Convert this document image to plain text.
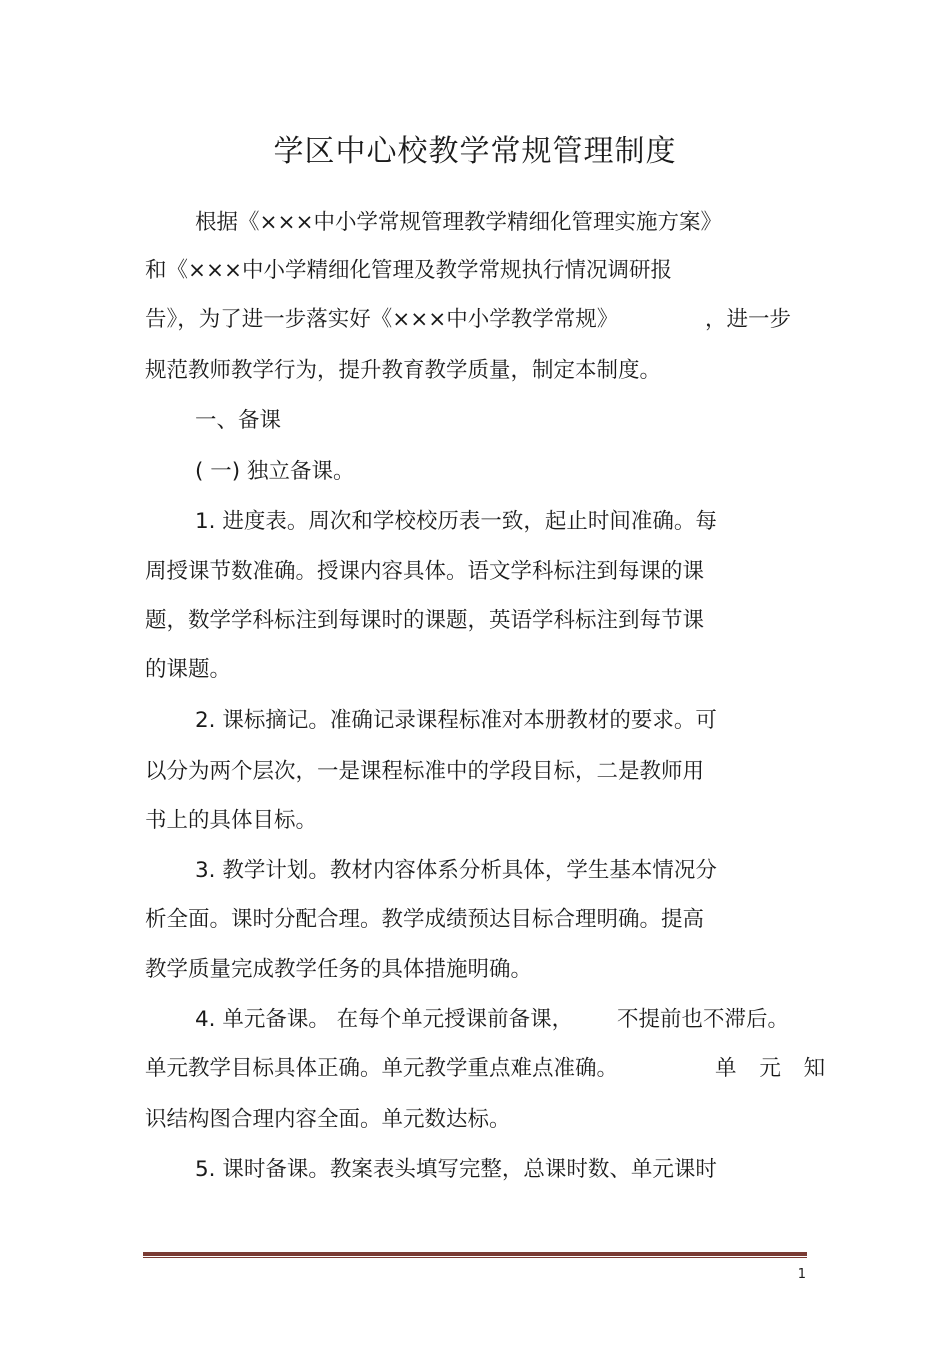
学区中心校教学常规管理制度
根据《×××中小学常规管理教学精细化管理实施方案》
和《×××中小学精细化管理及教学常规执行情况调研报
告》，为了进一步落实好《×××中小学教学常规》	，进一步
规范教师教学行为，提升教育教学质量，制定本制度。
一、备课
( 一) 独立备课。
1. 进度表。周次和学校校历表一致，起止时间准确。每
周授课节数准确。授课内容具体。语文学科标注到每课的课
题，数学学科标注到每课时的课题，英语学科标注到每节课
的课题。
2. 课标摘记。准确记录课程标准对本册教材的要求。可
以分为两个层次，一是课程标准中的学段目标，二是教师用
书上的具体目标。
3. 教学计划。教材内容体系分析具体，学生基本情况分
析全面。课时分配合理。教学成绩预达目标合理明确。提高
教学质量完成教学任务的具体措施明确。
4. 单元备课。 在每个单元授课前备课， 不提前也不滞后。
单元教学目标具体正确。单元教学重点难点准确。	单 元 知
识结构图合理内容全面。单元数达标。
5. 课时备课。教案表头填写完整，总课时数、单元课时
1
